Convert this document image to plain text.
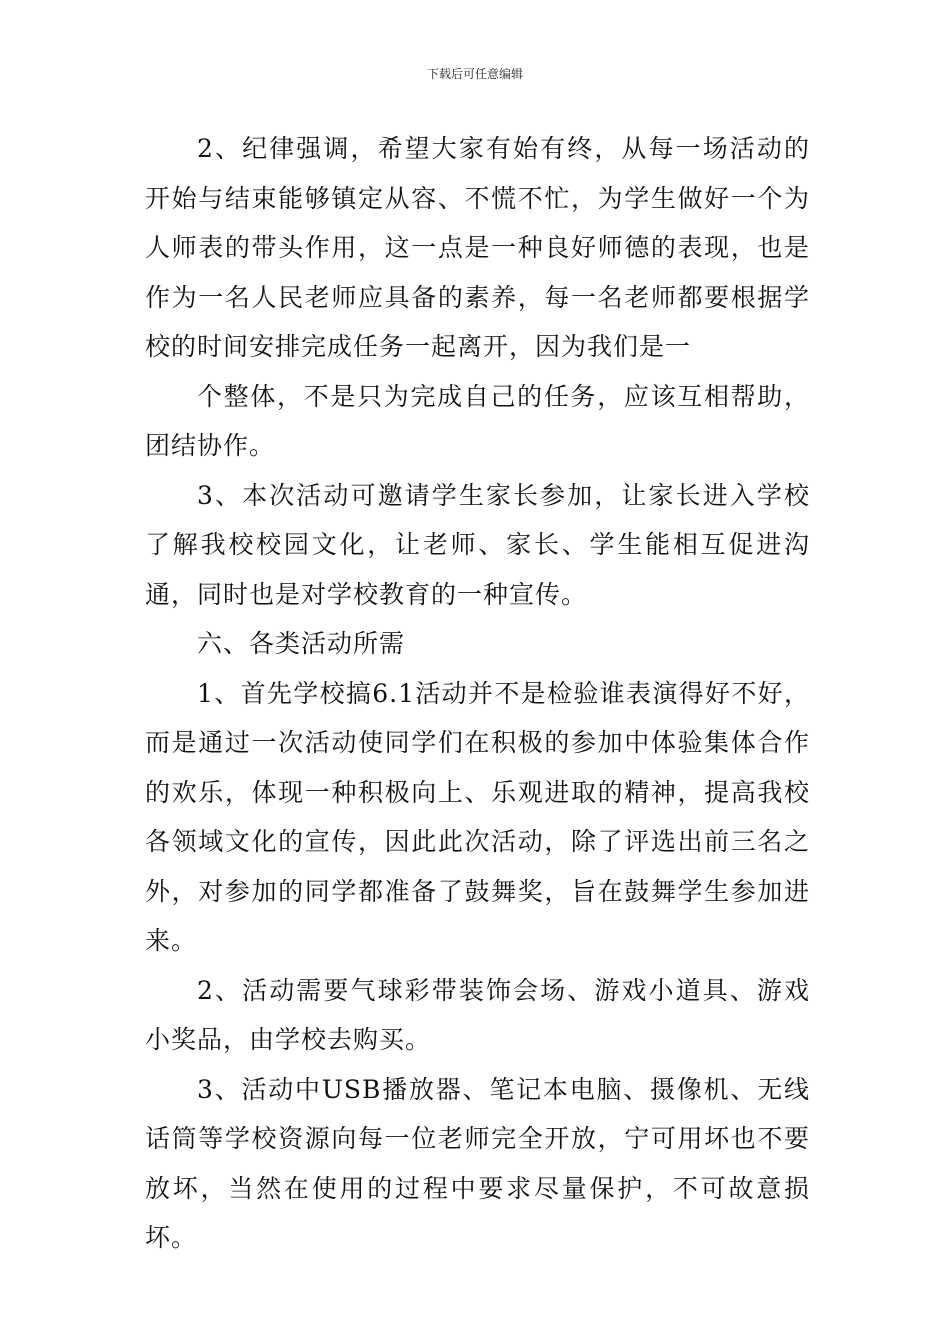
下载后可任意编辑

2、纪律强调，希望大家有始有终，从每一场活动的开始与结束能够镇定从容、不慌不忙，为学生做好一个为人师表的带头作用，这一点是一种良好师德的表现，也是作为一名人民老师应具备的素养，每一名老师都要根据学校的时间安排完成任务一起离开，因为我们是一

个整体，不是只为完成自己的任务，应该互相帮助，团结协作。

3、本次活动可邀请学生家长参加，让家长进入学校了解我校校园文化，让老师、家长、学生能相互促进沟通，同时也是对学校教育的一种宣传。

六、各类活动所需

1、首先学校搞6.1活动并不是检验谁表演得好不好，而是通过一次活动使同学们在积极的参加中体验集体合作的欢乐，体现一种积极向上、乐观进取的精神，提高我校各领域文化的宣传，因此此次活动，除了评选出前三名之外，对参加的同学都准备了鼓舞奖，旨在鼓舞学生参加进来。

2、活动需要气球彩带装饰会场、游戏小道具、游戏小奖品，由学校去购买。

3、活动中USB播放器、笔记本电脑、摄像机、无线话筒等学校资源向每一位老师完全开放，宁可用坏也不要放坏，当然在使用的过程中要求尽量保护，不可故意损坏。
